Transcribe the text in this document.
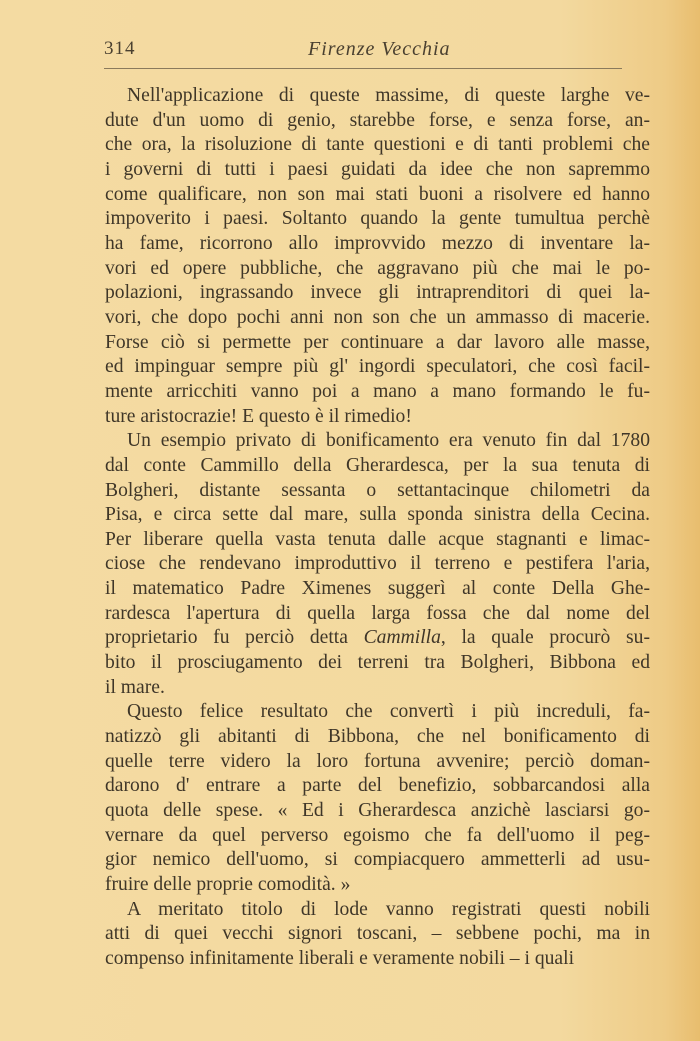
314	Firenze Vecchia

Nell'applicazione di queste massime, di queste larghe ve-
dute d'un uomo di genio, starebbe forse, e senza forse, an-
che ora, la risoluzione di tante questioni e di tanti problemi che
i governi di tutti i paesi guidati da idee che non sapremmo
come qualificare, non son mai stati buoni a risolvere ed hanno
impoverito i paesi. Soltanto quando la gente tumultua perchè
ha fame, ricorrono allo improvvido mezzo di inventare la-
vori ed opere pubbliche, che aggravano più che mai le po-
polazioni, ingrassando invece gli intraprenditori di quei la-
vori, che dopo pochi anni non son che un ammasso di macerie.
Forse ciò si permette per continuare a dar lavoro alle masse,
ed impinguar sempre più gl' ingordi speculatori, che così facil-
mente arricchiti vanno poi a mano a mano formando le fu-
ture aristocrazie! E questo è il rimedio!

Un esempio privato di bonificamento era venuto fin dal 1780
dal conte Cammillo della Gherardesca, per la sua tenuta di
Bolgheri, distante sessanta o settantacinque chilometri da
Pisa, e circa sette dal mare, sulla sponda sinistra della Cecina.
Per liberare quella vasta tenuta dalle acque stagnanti e limac-
ciose che rendevano improduttivo il terreno e pestifera l'aria,
il matematico Padre Ximenes suggerì al conte Della Ghe-
rardesca l'apertura di quella larga fossa che dal nome del
proprietario fu perciò detta Cammilla, la quale procurò su-
bito il prosciugamento dei terreni tra Bolgheri, Bibbona ed
il mare.

Questo felice resultato che convertì i più increduli, fa-
natizzò gli abitanti di Bibbona, che nel bonificamento di
quelle terre videro la loro fortuna avvenire; perciò doman-
darono d' entrare a parte del benefizio, sobbarcandosi alla
quota delle spese. « Ed i Gherardesca anzichè lasciarsi go-
vernare da quel perverso egoismo che fa dell'uomo il peg-
gior nemico dell'uomo, si compiacquero ammetterli ad usu-
fruire delle proprie comodità. »

A meritato titolo di lode vanno registrati questi nobili
atti di quei vecchi signori toscani, – sebbene pochi, ma in
compenso infinitamente liberali e veramente nobili – i quali
